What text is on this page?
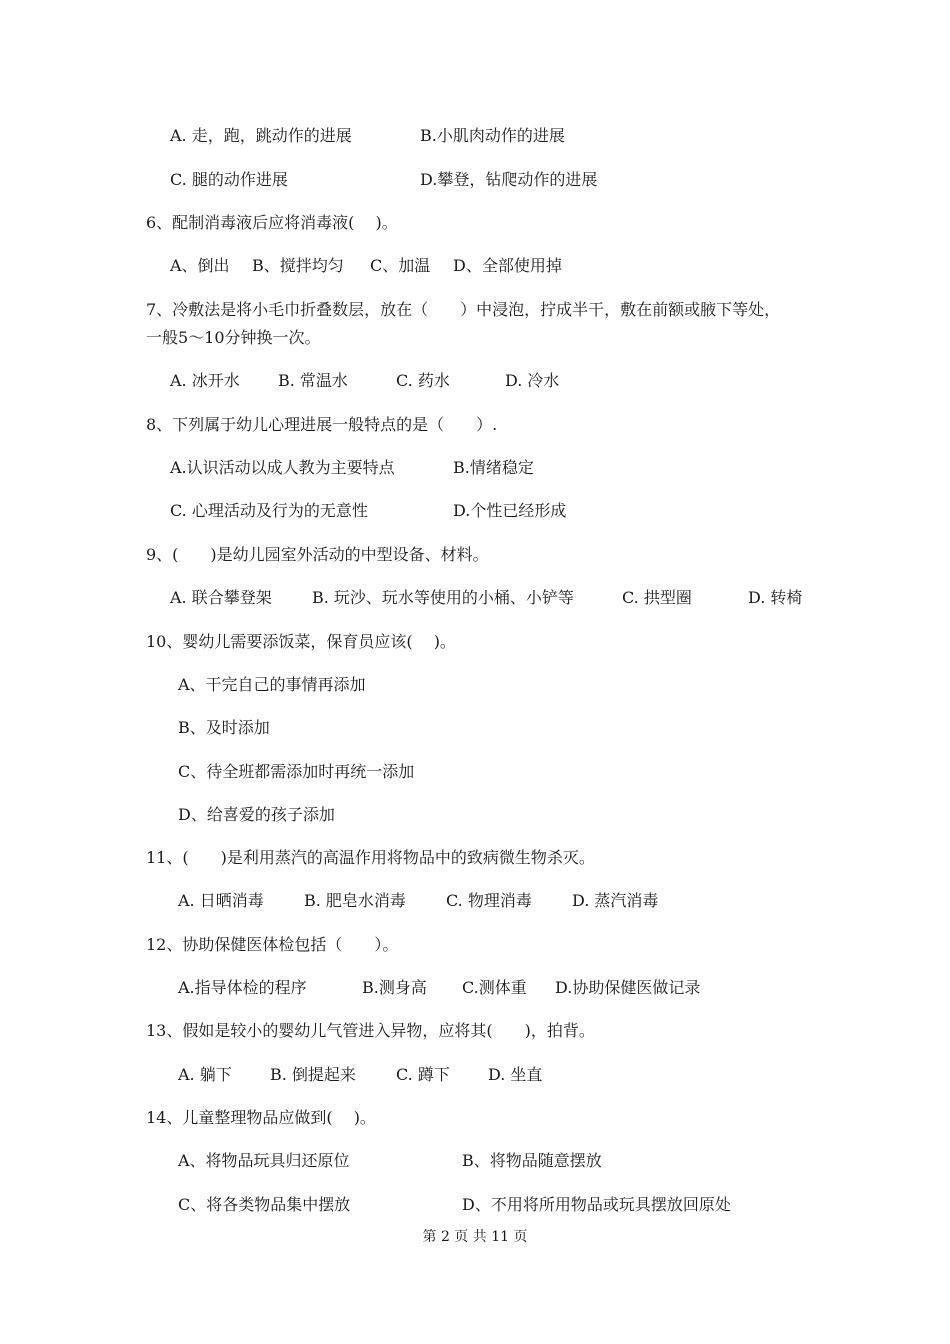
A. 走，跑，跳动作的进展	B.小肌肉动作的进展
C. 腿的动作进展	D.攀登，钻爬动作的进展
6、配制消毒液后应将消毒液(　 )。
A、倒出 B、搅拌均匀 C、加温 D、全部使用掉
7、冷敷法是将小毛巾折叠数层，放在（　　）中浸泡，拧成半干，敷在前额或腋下等处，
一般5～10分钟换一次。
A. 冰开水 B. 常温水	C. 药水	D. 冷水
8、下列属于幼儿心理进展一般特点的是（　　）.
A.认识活动以成人教为主要特点	B.情绪稳定
C. 心理活动及行为的无意性	D.个性已经形成
9、(　　)是幼儿园室外活动的中型设备、材料。
A. 联合攀登架	B. 玩沙、玩水等使用的小桶、小铲等	C. 拱型圈	D. 转椅
10、婴幼儿需要添饭菜，保育员应该(　 )。
A、干完自己的事情再添加
B、及时添加
C、待全班都需添加时再统一添加
D、给喜爱的孩子添加
11、(　　)是利用蒸汽的高温作用将物品中的致病微生物杀灭。
A. 日晒消毒	B. 肥皂水消毒	C. 物理消毒	D. 蒸汽消毒
12、协助保健医体检包括（　　）。
A.指导体检的程序	B.测身高 C.测体重 D.协助保健医做记录
13、假如是较小的婴幼儿气管进入异物，应将其(　　)，拍背。
A. 躺下 B. 倒提起来	C. 蹲下 D. 坐直
14、儿童整理物品应做到(　 )。
A、将物品玩具归还原位	B、将物品随意摆放
C、将各类物品集中摆放	D、不用将所用物品或玩具摆放回原处
第 2 页 共 11 页
